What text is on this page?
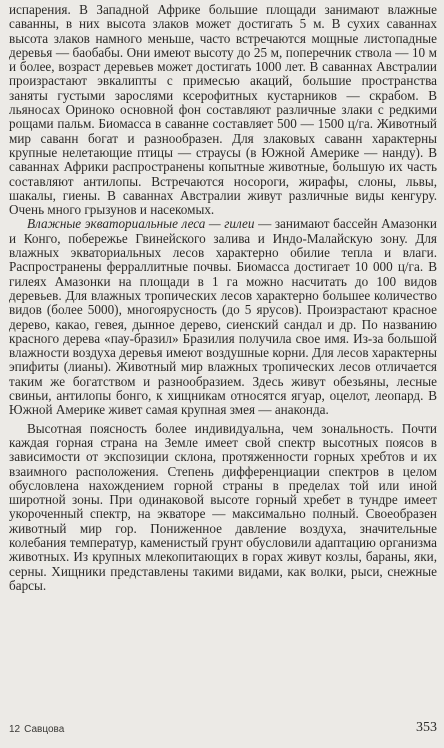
испарения. В Западной Африке большие площади занимают влажные саванны, в них высота злаков может достигать 5 м. В сухих саваннах высота злаков намного меньше, часто встречаются мощные листопадные деревья — баобабы. Они имеют высоту до 25 м, поперечник ствола — 10 м и более, возраст деревьев может достигать 1000 лет. В саваннах Австралии произрастают эвкалипты с примесью акаций, большие пространства заняты густыми зарослями ксерофитных кустарников — скрабом. В льяносах Ориноко основной фон составляют различные злаки с редкими рощами пальм. Биомасса в саванне составляет 500 — 1500 ц/га. Животный мир саванн богат и разнообразен. Для злаковых саванн характерны крупные нелетающие птицы — страусы (в Южной Америке — нанду). В саваннах Африки распространены копытные животные, большую их часть составляют антилопы. Встречаются носороги, жирафы, слоны, львы, шакалы, гиены. В саваннах Австралии живут различные виды кенгуру. Очень много грызунов и насекомых.

Влажные экваториальные леса — гилеи — занимают бассейн Амазонки и Конго, побережье Гвинейского залива и Индо-Малайскую зону. Для влажных экваториальных лесов характерно обилие тепла и влаги. Распространены ферраллитные почвы. Биомасса достигает 10 000 ц/га. В гилеях Амазонки на площади в 1 га можно насчитать до 100 видов деревьев. Для влажных тропических лесов характерно большее количество видов (более 5000), многоярусность (до 5 ярусов). Произрастают красное дерево, какао, гевея, дынное дерево, сиенский сандал и др. По названию красного дерева «пау-бразил» Бразилия получила свое имя. Из-за большой влажности воздуха деревья имеют воздушные корни. Для лесов характерны эпифиты (лианы). Животный мир влажных тропических лесов отличается таким же богатством и разнообразием. Здесь живут обезьяны, лесные свиньи, антилопы бонго, к хищникам относятся ягуар, оцелот, леопард. В Южной Америке живет самая крупная змея — анаконда.

Высотная поясность более индивидуальна, чем зональность. Почти каждая горная страна на Земле имеет свой спектр высотных поясов в зависимости от экспозиции склона, протяженности горных хребтов и их взаимного расположения. Степень дифференциации спектров в целом обусловлена нахождением горной страны в пределах той или иной широтной зоны. При одинаковой высоте горный хребет в тундре имеет укороченный спектр, на экваторе — максимально полный. Своеобразен животный мир гор. Пониженное давление воздуха, значительные колебания температур, каменистый грунт обусловили адаптацию организма животных. Из крупных млекопитающих в горах живут козлы, бараны, яки, серны. Хищники представлены такими видами, как волки, рыси, снежные барсы.

12 Савцова	353
